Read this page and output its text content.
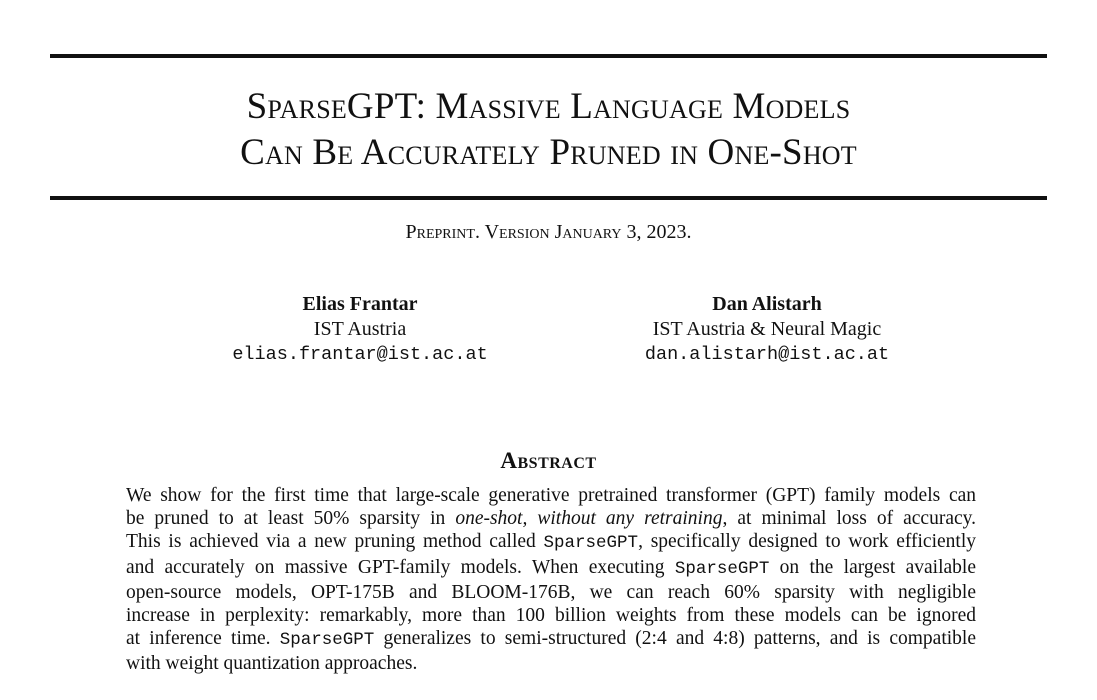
SparseGPT: Massive Language Models
Can Be Accurately Pruned in One-Shot
Preprint. Version January 3, 2023.
Elias Frantar
IST Austria
elias.frantar@ist.ac.at
Dan Alistarh
IST Austria & Neural Magic
dan.alistarh@ist.ac.at
Abstract
We show for the first time that large-scale generative pretrained transformer (GPT) family models can
be pruned to at least 50% sparsity in one-shot, without any retraining, at minimal loss of accuracy.
This is achieved via a new pruning method called SparseGPT, specifically designed to work efficiently
and accurately on massive GPT-family models. When executing SparseGPT on the largest available
open-source models, OPT-175B and BLOOM-176B, we can reach 60% sparsity with negligible
increase in perplexity: remarkably, more than 100 billion weights from these models can be ignored
at inference time. SparseGPT generalizes to semi-structured (2:4 and 4:8) patterns, and is compatible
with weight quantization approaches.
